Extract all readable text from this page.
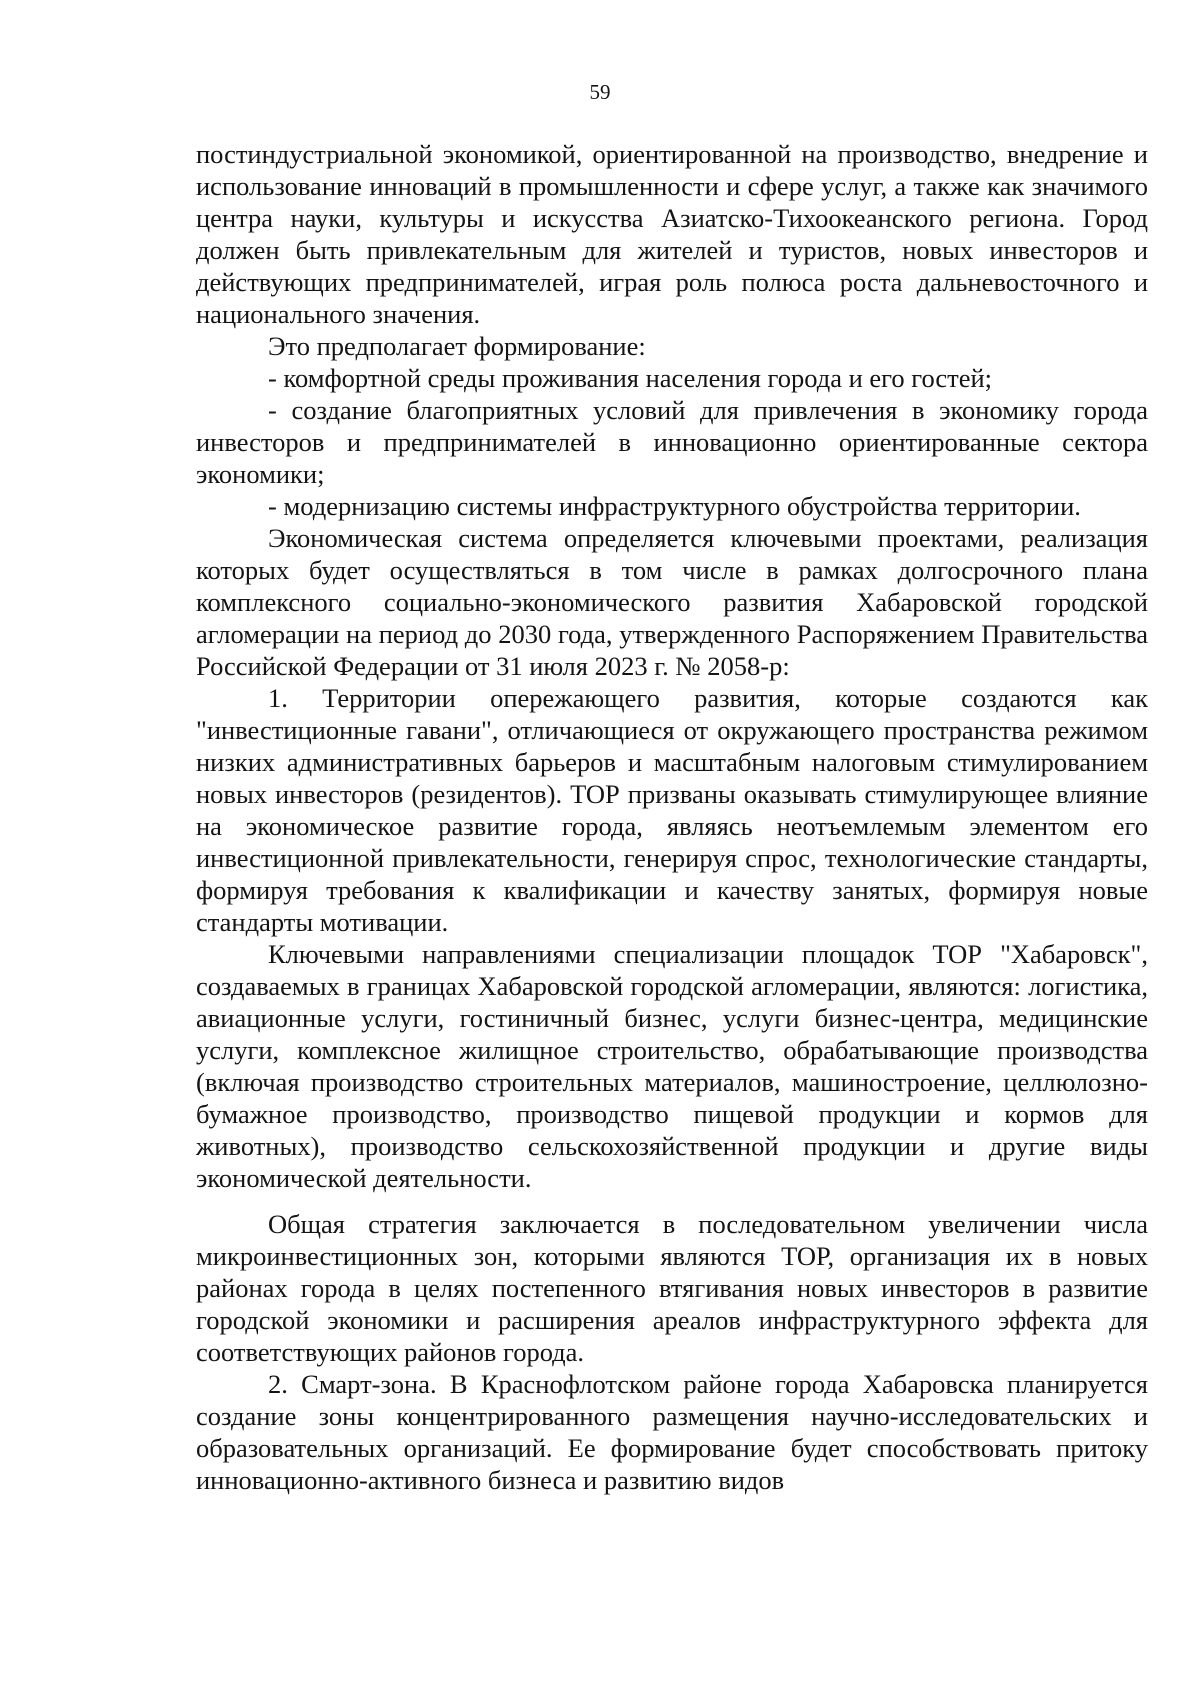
59

постиндустриальной экономикой, ориентированной на производство, внедрение и использование инноваций в промышленности и сфере услуг, а также как значимого центра науки, культуры и искусства Азиатско-Тихоокеанского региона. Город должен быть привлекательным для жителей и туристов, новых инвесторов и действующих предпринимателей, играя роль полюса роста дальневосточного и национального значения.

Это предполагает формирование:

- комфортной среды проживания населения города и его гостей;

- создание благоприятных условий для привлечения в экономику города инвесторов и предпринимателей в инновационно ориентированные сектора экономики;

- модернизацию системы инфраструктурного обустройства территории.

Экономическая система определяется ключевыми проектами, реализация которых будет осуществляться в том числе в рамках долгосрочного плана комплексного социально-экономического развития Хабаровской городской агломерации на период до 2030 года, утвержденного Распоряжением Правительства Российской Федерации от 31 июля 2023 г. № 2058-р:

1. Территории опережающего развития, которые создаются как "инвестиционные гавани", отличающиеся от окружающего пространства режимом низких административных барьеров и масштабным налоговым стимулированием новых инвесторов (резидентов). ТОР призваны оказывать стимулирующее влияние на экономическое развитие города, являясь неотъемлемым элементом его инвестиционной привлекательности, генерируя спрос, технологические стандарты, формируя требования к квалификации и качеству занятых, формируя новые стандарты мотивации.

Ключевыми направлениями специализации площадок ТОР "Хабаровск", создаваемых в границах Хабаровской городской агломерации, являются: логистика, авиационные услуги, гостиничный бизнес, услуги бизнес-центра, медицинские услуги, комплексное жилищное строительство, обрабатывающие производства (включая производство строительных материалов, машиностроение, целлюлозно-бумажное производство, производство пищевой продукции и кормов для животных), производство сельскохозяйственной продукции и другие виды экономической деятельности.

Общая стратегия заключается в последовательном увеличении числа микроинвестиционных зон, которыми являются ТОР, организация их в новых районах города в целях постепенного втягивания новых инвесторов в развитие городской экономики и расширения ареалов инфраструктурного эффекта для соответствующих районов города.

2. Смарт-зона. В Краснофлотском районе города Хабаровска планируется создание зоны концентрированного размещения научно-исследовательских и образовательных организаций. Ее формирование будет способствовать притоку инновационно-активного бизнеса и развитию видов
